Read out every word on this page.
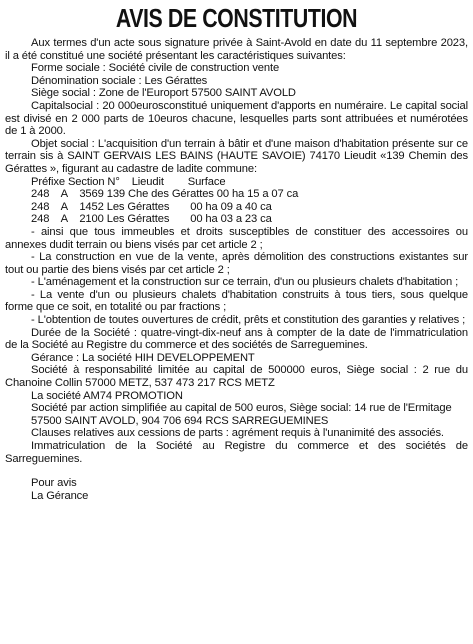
AVIS DE CONSTITUTION

Aux termes d'un acte sous signature privée à Saint-Avold en date du 11 septembre 2023, il a été constitué une société présentant les caractéristiques suivantes:

Forme sociale : Société civile de construction vente

Dénomination sociale : Les Gérattes

Siège social : Zone de l'Europort 57500 SAINT AVOLD

Capitalsocial : 20 000eurosconstitué uniquement d'apports en numéraire. Le capital social est divisé en 2 000 parts de 10euros chacune, lesquelles parts sont attribuées et numérotées de 1 à 2000.

Objet social : L'acquisition d'un terrain à bâtir et d'une maison d'habitation présente sur ce terrain sis à SAINT GERVAIS LES BAINS (HAUTE SAVOIE) 74170 Lieudit «139 Chemin des Gérattes », figurant au cadastre de ladite commune:

Préfixe Section N°    Lieudit        Surface
248    A    3569 139 Che des Gérattes 00 ha 15 a 07 ca
248    A    1452 Les Gérattes       00 ha 09 a 40 ca
248    A    2100 Les Gérattes       00 ha 03 a 23 ca

- ainsi que tous immeubles et droits susceptibles de constituer des accessoires ou annexes dudit terrain ou biens visés par cet article 2 ;

- La construction en vue de la vente, après démolition des constructions existantes sur tout ou partie des biens visés par cet article 2 ;

- L'aménagement et la construction sur ce terrain, d'un ou plusieurs chalets d'habitation ;

- La vente d'un ou plusieurs chalets d'habitation construits à tous tiers, sous quelque forme que ce soit, en totalité ou par fractions ;

- L'obtention de toutes ouvertures de crédit, prêts et constitution des garanties y relatives ;

Durée de la Société : quatre-vingt-dix-neuf ans à compter de la date de l'immatriculation de la Société au Registre du commerce et des sociétés de Sarreguemines.

Gérance : La société HIH DEVELOPPEMENT

Société à responsabilité limitée au capital de 500000 euros, Siège social : 2 rue du Chanoine Collin 57000 METZ, 537 473 217 RCS METZ

La société AM74 PROMOTION

Société par action simplifiée au capital de 500 euros, Siège social: 14 rue de l'Ermitage

57500 SAINT AVOLD, 904 706 694 RCS SARREGUEMINES

Clauses relatives aux cessions de parts : agrément requis à l'unanimité des associés.

Immatriculation de la Société au Registre du commerce et des sociétés de Sarreguemines.

Pour avis
La Gérance
